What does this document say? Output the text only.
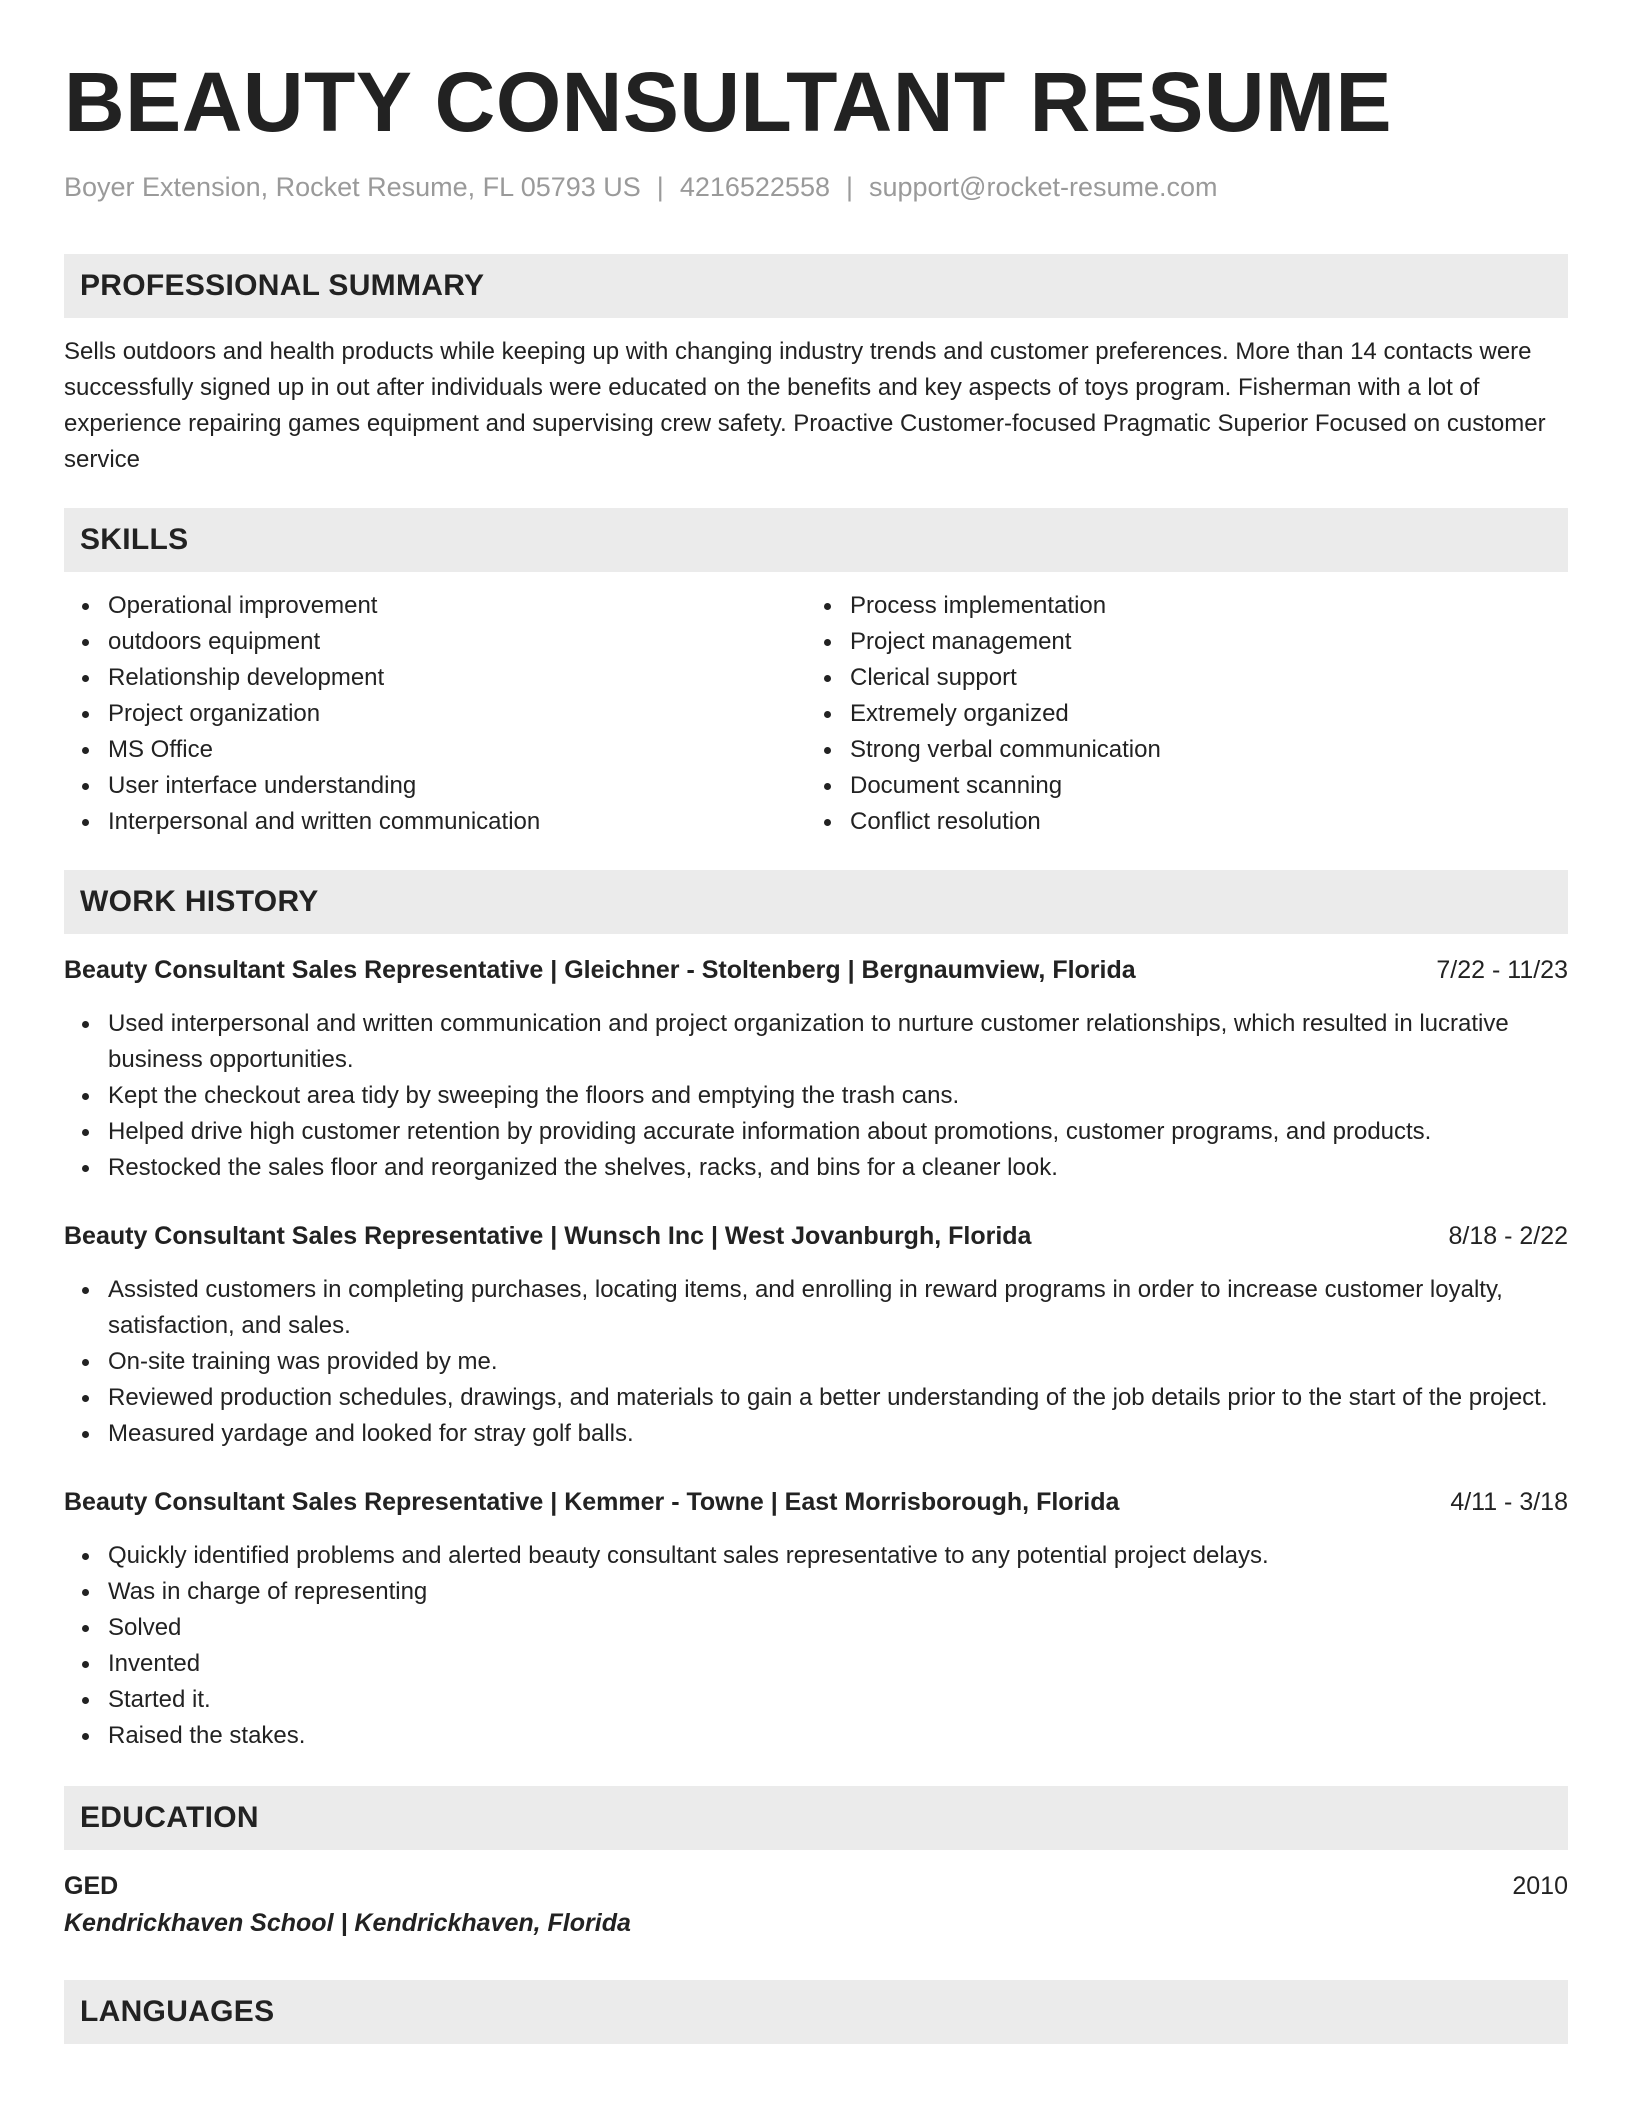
BEAUTY CONSULTANT RESUME
Boyer Extension, Rocket Resume, FL 05793 US | 4216522558 | support@rocket-resume.com
PROFESSIONAL SUMMARY
Sells outdoors and health products while keeping up with changing industry trends and customer preferences. More than 14 contacts were successfully signed up in out after individuals were educated on the benefits and key aspects of toys program. Fisherman with a lot of experience repairing games equipment and supervising crew safety. Proactive Customer-focused Pragmatic Superior Focused on customer service
SKILLS
Operational improvement
outdoors equipment
Relationship development
Project organization
MS Office
User interface understanding
Interpersonal and written communication
Process implementation
Project management
Clerical support
Extremely organized
Strong verbal communication
Document scanning
Conflict resolution
WORK HISTORY
Beauty Consultant Sales Representative | Gleichner - Stoltenberg | Bergnaumview, Florida	7/22 - 11/23
Used interpersonal and written communication and project organization to nurture customer relationships, which resulted in lucrative business opportunities.
Kept the checkout area tidy by sweeping the floors and emptying the trash cans.
Helped drive high customer retention by providing accurate information about promotions, customer programs, and products.
Restocked the sales floor and reorganized the shelves, racks, and bins for a cleaner look.
Beauty Consultant Sales Representative | Wunsch Inc | West Jovanburgh, Florida	8/18 - 2/22
Assisted customers in completing purchases, locating items, and enrolling in reward programs in order to increase customer loyalty, satisfaction, and sales.
On-site training was provided by me.
Reviewed production schedules, drawings, and materials to gain a better understanding of the job details prior to the start of the project.
Measured yardage and looked for stray golf balls.
Beauty Consultant Sales Representative | Kemmer - Towne | East Morrisborough, Florida	4/11 - 3/18
Quickly identified problems and alerted beauty consultant sales representative to any potential project delays.
Was in charge of representing
Solved
Invented
Started it.
Raised the stakes.
EDUCATION
GED	2010
Kendrickhaven School | Kendrickhaven, Florida
LANGUAGES
